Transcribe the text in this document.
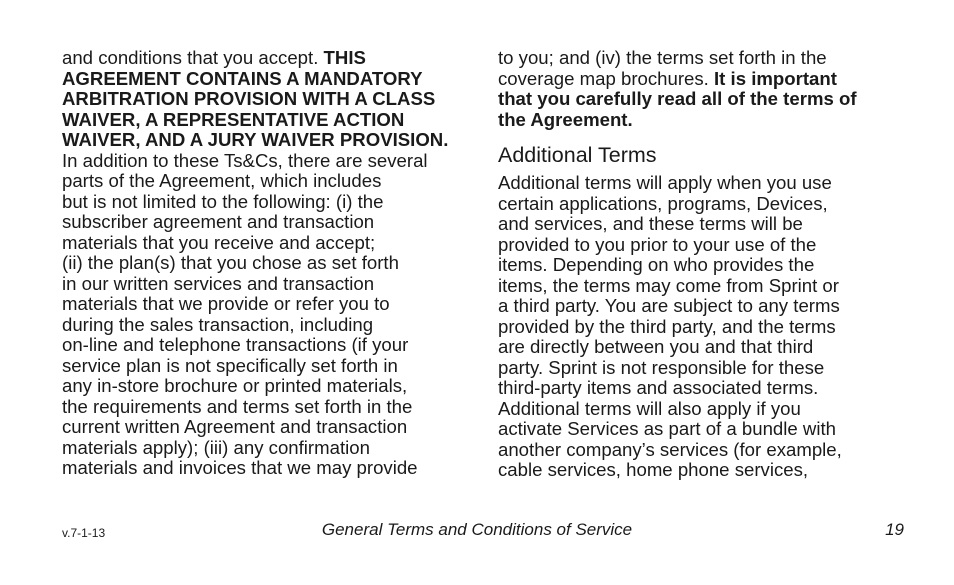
and conditions that you accept. THIS
AGREEMENT CONTAINS A MANDATORY
ARBITRATION PROVISION WITH A CLASS
WAIVER, A REPRESENTATIVE ACTION
WAIVER, AND A JURY WAIVER PROVISION.
In addition to these Ts&Cs, there are several
parts of the Agreement, which includes
but is not limited to the following: (i) the
subscriber agreement and transaction
materials that you receive and accept;
(ii) the plan(s) that you chose as set forth
in our written services and transaction
materials that we provide or refer you to
during the sales transaction, including
on-line and telephone transactions (if your
service plan is not specifically set forth in
any in-store brochure or printed materials,
the requirements and terms set forth in the
current written Agreement and transaction
materials apply); (iii) any confirmation
materials and invoices that we may provide
to you; and (iv) the terms set forth in the
coverage map brochures. It is important
that you carefully read all of the terms of
the Agreement.
Additional Terms
Additional terms will apply when you use
certain applications, programs, Devices,
and services, and these terms will be
provided to you prior to your use of the
items. Depending on who provides the
items, the terms may come from Sprint or
a third party. You are subject to any terms
provided by the third party, and the terms
are directly between you and that third
party. Sprint is not responsible for these
third-party items and associated terms.
Additional terms will also apply if you
activate Services as part of a bundle with
another company’s services (for example,
cable services, home phone services,
v.7-1-13	General Terms and Conditions of Service	19
